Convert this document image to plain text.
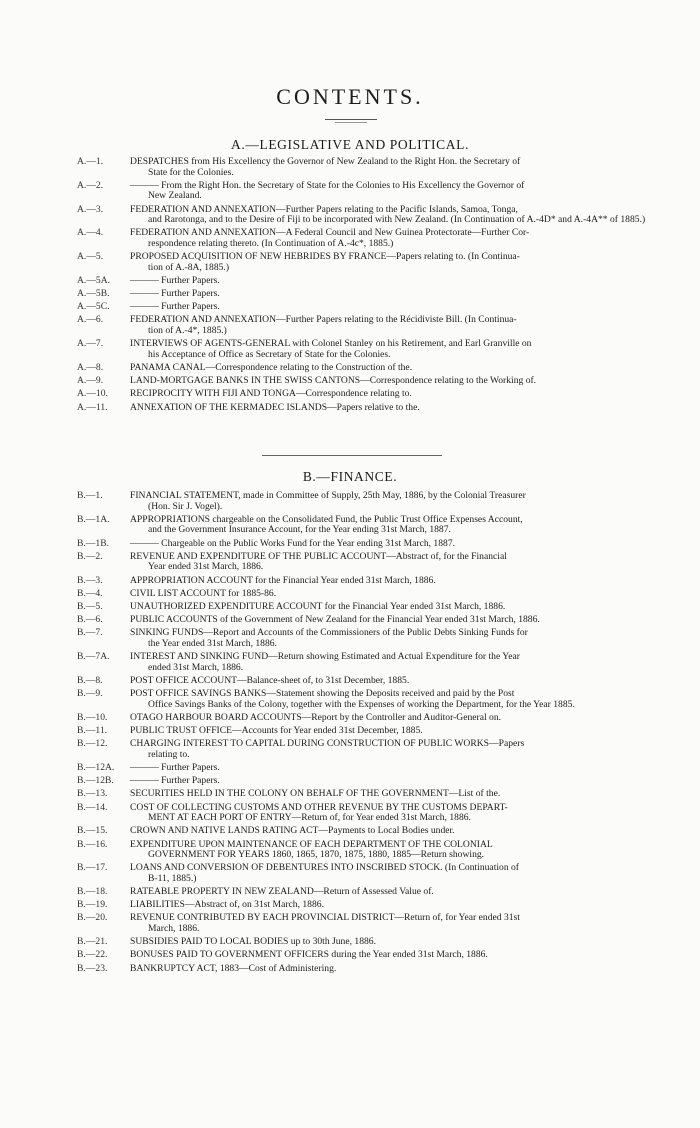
CONTENTS.
A.—LEGISLATIVE AND POLITICAL.
A.—1.	DESPATCHES from His Excellency the Governor of New Zealand to the Right Hon. the Secretary of
State for the Colonies.
A.—2.	——— From the Right Hon. the Secretary of State for the Colonies to His Excellency the Governor of
New Zealand.
A.—3.	FEDERATION AND ANNEXATION—Further Papers relating to the Pacific Islands, Samoa, Tonga,
and Rarotonga, and to the Desire of Fiji to be incorporated with New Zealand. (In Continuation of A.-4D* and A.-4A** of 1885.)
A.—4.	FEDERATION AND ANNEXATION—A Federal Council and New Guinea Protectorate—Further Cor-
respondence relating thereto. (In Continuation of A.-4c*, 1885.)
A.—5.	PROPOSED ACQUISITION OF NEW HEBRIDES BY FRANCE—Papers relating to. (In Continua-
tion of A.-8A, 1885.)
A.—5A.	——— Further Papers.
A.—5B.	——— Further Papers.
A.—5C.	——— Further Papers.
A.—6.	FEDERATION AND ANNEXATION—Further Papers relating to the Récidiviste Bill. (In Continua-
tion of A.-4*, 1885.)
A.—7.	INTERVIEWS OF AGENTS-GENERAL with Colonel Stanley on his Retirement, and Earl Granville on
his Acceptance of Office as Secretary of State for the Colonies.
A.—8.	PANAMA CANAL—Correspondence relating to the Construction of the.
A.—9.	LAND-MORTGAGE BANKS IN THE SWISS CANTONS—Correspondence relating to the Working of.
A.—10.	RECIPROCITY WITH FIJI AND TONGA—Correspondence relating to.
A.—11.	ANNEXATION OF THE KERMADEC ISLANDS—Papers relative to the.
B.—FINANCE.
B.—1.	FINANCIAL STATEMENT, made in Committee of Supply, 25th May, 1886, by the Colonial Treasurer
(Hon. Sir J. Vogel).
B.—1A.	APPROPRIATIONS chargeable on the Consolidated Fund, the Public Trust Office Expenses Account,
and the Government Insurance Account, for the Year ending 31st March, 1887.
B.—1B.	——— Chargeable on the Public Works Fund for the Year ending 31st March, 1887.
B.—2.	REVENUE AND EXPENDITURE OF THE PUBLIC ACCOUNT—Abstract of, for the Financial
Year ended 31st March, 1886.
B.—3.	APPROPRIATION ACCOUNT for the Financial Year ended 31st March, 1886.
B.—4.	CIVIL LIST ACCOUNT for 1885-86.
B.—5.	UNAUTHORIZED EXPENDITURE ACCOUNT for the Financial Year ended 31st March, 1886.
B.—6.	PUBLIC ACCOUNTS of the Government of New Zealand for the Financial Year ended 31st March, 1886.
B.—7.	SINKING FUNDS—Report and Accounts of the Commissioners of the Public Debts Sinking Funds for
the Year ended 31st March, 1886.
B.—7A.	INTEREST AND SINKING FUND—Return showing Estimated and Actual Expenditure for the Year
ended 31st March, 1886.
B.—8.	POST OFFICE ACCOUNT—Balance-sheet of, to 31st December, 1885.
B.—9.	POST OFFICE SAVINGS BANKS—Statement showing the Deposits received and paid by the Post
Office Savings Banks of the Colony, together with the Expenses of working the Department, for the Year 1885.
B.—10.	OTAGO HARBOUR BOARD ACCOUNTS—Report by the Controller and Auditor-General on.
B.—11.	PUBLIC TRUST OFFICE—Accounts for Year ended 31st December, 1885.
B.—12.	CHARGING INTEREST TO CAPITAL DURING CONSTRUCTION OF PUBLIC WORKS—Papers
relating to.
B.—12A.	——— Further Papers.
B.—12B.	——— Further Papers.
B.—13.	SECURITIES HELD IN THE COLONY ON BEHALF OF THE GOVERNMENT—List of the.
B.—14.	COST OF COLLECTING CUSTOMS AND OTHER REVENUE BY THE CUSTOMS DEPART-
MENT AT EACH PORT OF ENTRY—Return of, for Year ended 31st March, 1886.
B.—15.	CROWN AND NATIVE LANDS RATING ACT—Payments to Local Bodies under.
B.—16.	EXPENDITURE UPON MAINTENANCE OF EACH DEPARTMENT OF THE COLONIAL
GOVERNMENT FOR YEARS 1860, 1865, 1870, 1875, 1880, 1885—Return showing.
B.—17.	LOANS AND CONVERSION OF DEBENTURES INTO INSCRIBED STOCK. (In Continuation of
B-11, 1885.)
B.—18.	RATEABLE PROPERTY IN NEW ZEALAND—Return of Assessed Value of.
B.—19.	LIABILITIES—Abstract of, on 31st March, 1886.
B.—20.	REVENUE CONTRIBUTED BY EACH PROVINCIAL DISTRICT—Return of, for Year ended 31st
March, 1886.
B.—21.	SUBSIDIES PAID TO LOCAL BODIES up to 30th June, 1886.
B.—22.	BONUSES PAID TO GOVERNMENT OFFICERS during the Year ended 31st March, 1886.
B.—23.	BANKRUPTCY ACT, 1883—Cost of Administering.
